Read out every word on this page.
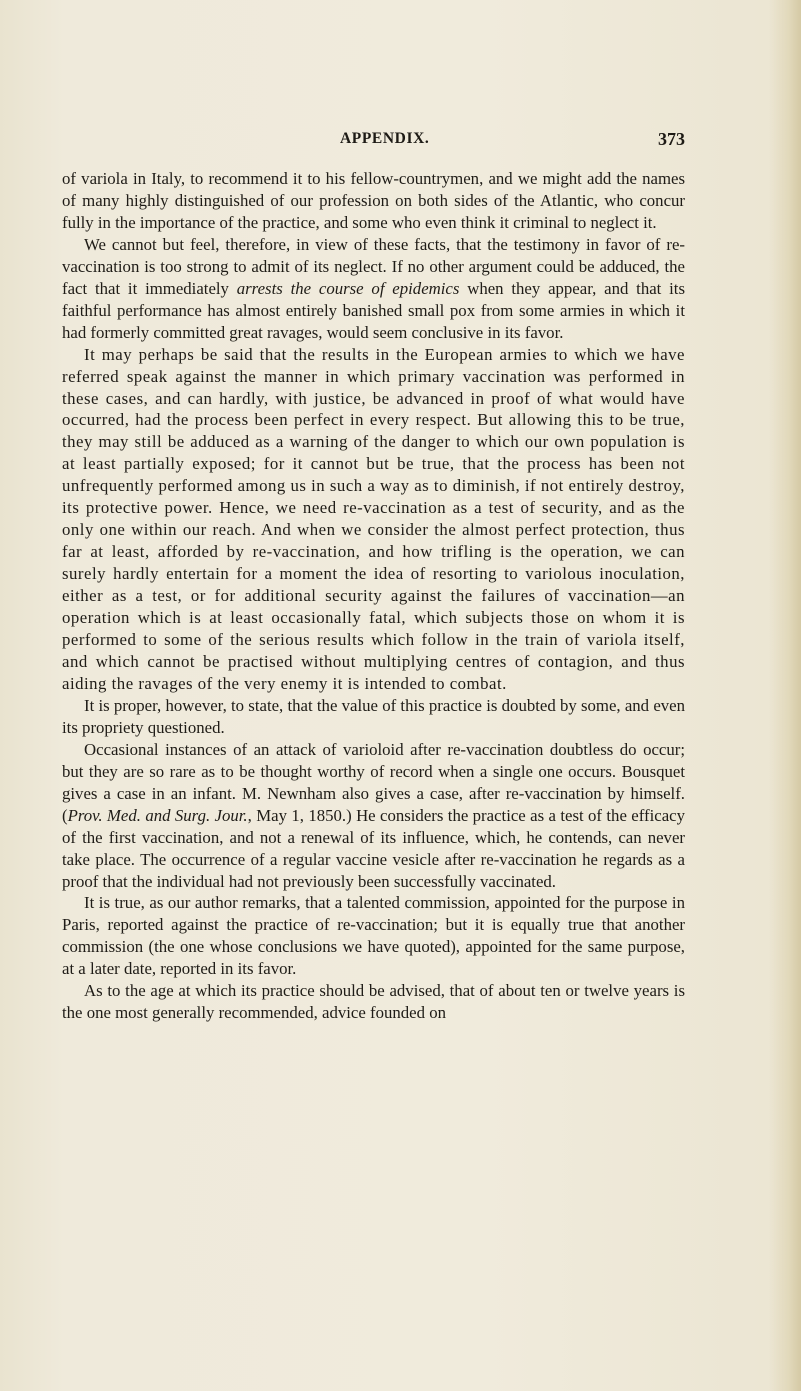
APPENDIX.	373

of variola in Italy, to recommend it to his fellow-countrymen, and we might add the names of many highly distinguished of our profession on both sides of the Atlantic, who concur fully in the importance of the practice, and some who even think it criminal to neglect it.

We cannot but feel, therefore, in view of these facts, that the testimony in favor of re-vaccination is too strong to admit of its neglect. If no other argument could be adduced, the fact that it immediately arrests the course of epidemics when they appear, and that its faithful performance has almost entirely banished small pox from some armies in which it had formerly committed great ravages, would seem conclusive in its favor.

It may perhaps be said that the results in the European armies to which we have referred speak against the manner in which primary vaccination was performed in these cases, and can hardly, with justice, be advanced in proof of what would have occurred, had the process been perfect in every respect. But allowing this to be true, they may still be adduced as a warning of the danger to which our own population is at least partially exposed; for it cannot but be true, that the process has been not unfrequently performed among us in such a way as to diminish, if not entirely destroy, its protective power. Hence, we need re-vaccination as a test of security, and as the only one within our reach. And when we consider the almost perfect protection, thus far at least, afforded by re-vaccination, and how trifling is the operation, we can surely hardly entertain for a moment the idea of resorting to variolous inoculation, either as a test, or for additional security against the failures of vaccination—an operation which is at least occasionally fatal, which subjects those on whom it is performed to some of the serious results which follow in the train of variola itself, and which cannot be practised without multiplying centres of contagion, and thus aiding the ravages of the very enemy it is intended to combat.

It is proper, however, to state, that the value of this practice is doubted by some, and even its propriety questioned.

Occasional instances of an attack of varioloid after re-vaccination doubtless do occur; but they are so rare as to be thought worthy of record when a single one occurs. Bousquet gives a case in an infant. M. Newnham also gives a case, after re-vaccination by himself. (Prov. Med. and Surg. Jour., May 1, 1850.) He considers the practice as a test of the efficacy of the first vaccination, and not a renewal of its influence, which, he contends, can never take place. The occurrence of a regular vaccine vesicle after re-vaccination he regards as a proof that the individual had not previously been successfully vaccinated.

It is true, as our author remarks, that a talented commission, appointed for the purpose in Paris, reported against the practice of re-vaccination; but it is equally true that another commission (the one whose conclusions we have quoted), appointed for the same purpose, at a later date, reported in its favor.

As to the age at which its practice should be advised, that of about ten or twelve years is the one most generally recommended, advice founded on
